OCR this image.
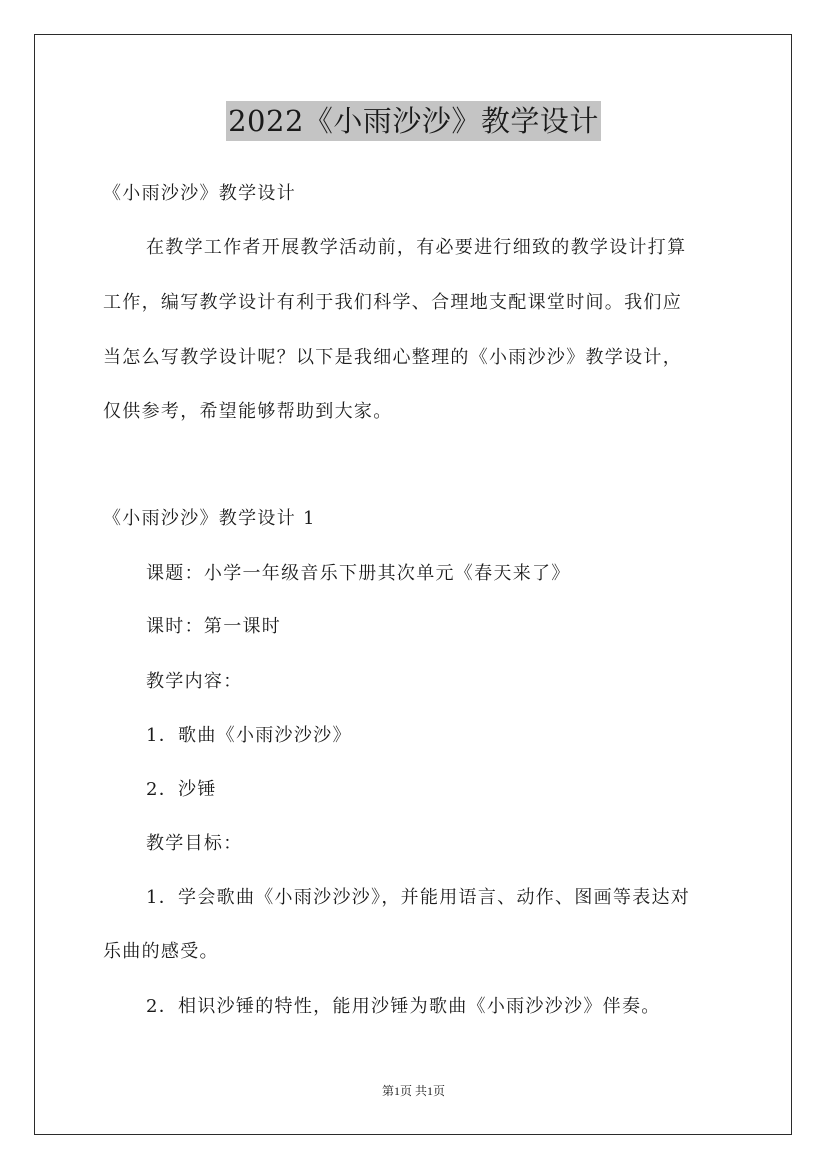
2022《小雨沙沙》教学设计
《小雨沙沙》教学设计
在教学工作者开展教学活动前，有必要进行细致的教学设计打算
工作，编写教学设计有利于我们科学、合理地支配课堂时间。我们应
当怎么写教学设计呢？以下是我细心整理的《小雨沙沙》教学设计，
仅供参考，希望能够帮助到大家。
《小雨沙沙》教学设计 1
课题：小学一年级音乐下册其次单元《春天来了》
课时：第一课时
教学内容：
1．歌曲《小雨沙沙沙》
2．沙锤
教学目标：
1．学会歌曲《小雨沙沙沙》，并能用语言、动作、图画等表达对
乐曲的感受。
2．相识沙锤的特性，能用沙锤为歌曲《小雨沙沙沙》伴奏。
第1页 共1页
